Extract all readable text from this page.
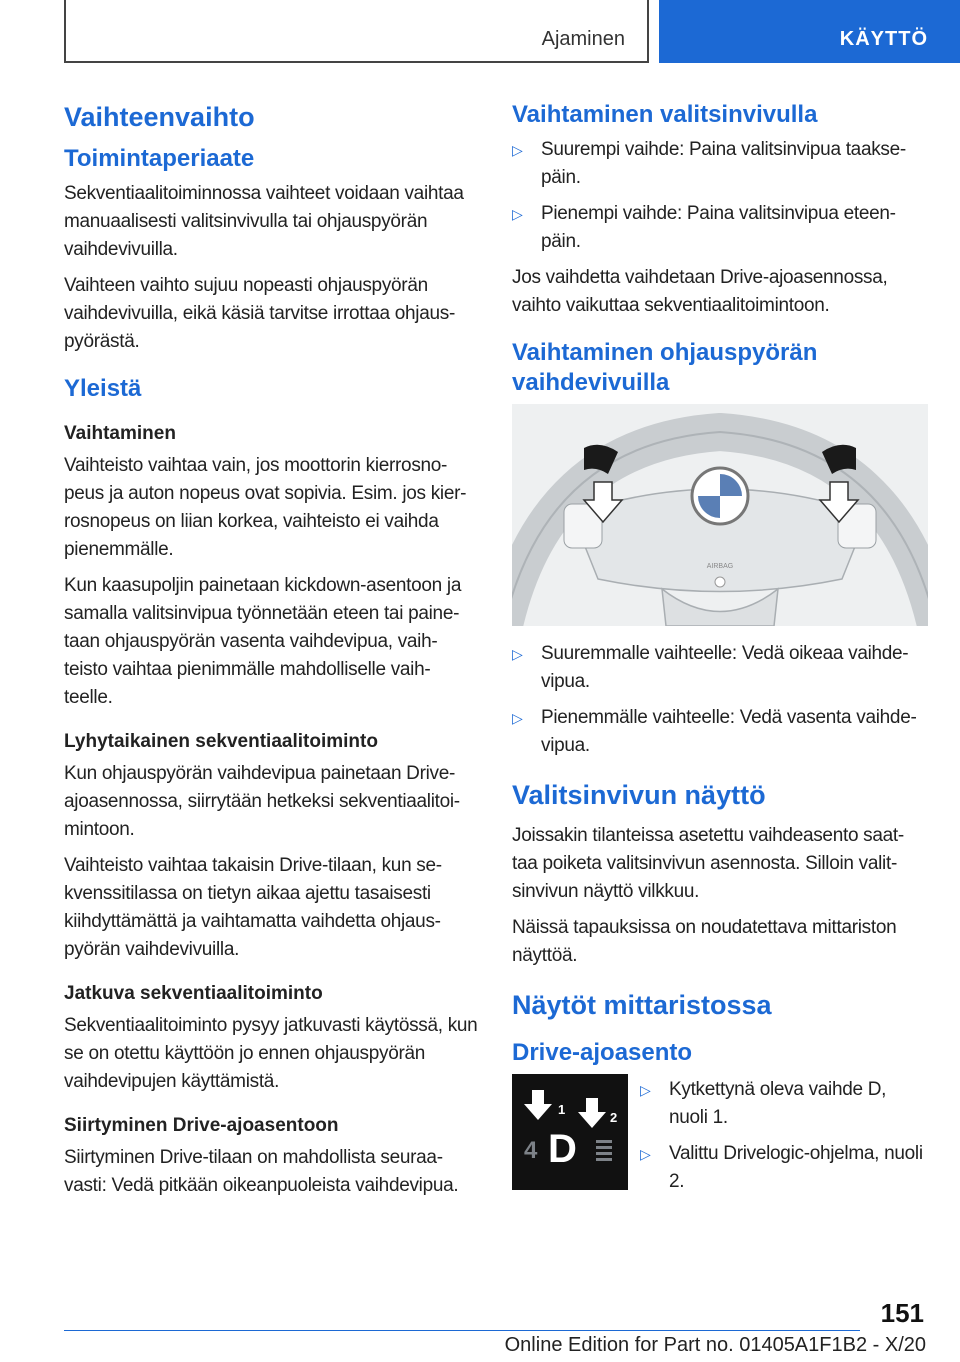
Ajaminen	KÄYTTÖ
Vaihteenvaihto
Toimintaperiaate

Sekventiaalitoiminnossa vaihteet voidaan vaihtaa manuaalisesti valitsinvivulla tai ohjauspyörän vaihdevivuilla.

Vaihteen vaihto sujuu nopeasti ohjauspyörän vaihdevivuilla, eikä käsiä tarvitse irrottaa ohjaus-pyörästä.

Yleistä
Vaihtaminen

Vaihteisto vaihtaa vain, jos moottorin kierrosno-peus ja auton nopeus ovat sopivia. Esim. jos kier-rosnopeus on liian korkea, vaihteisto ei vaihda pienemmälle.

Kun kaasupoljin painetaan kickdown-asentoon ja samalla valitsinvipua työnnetään eteen tai paine-taan ohjauspyörän vasenta vaihdevipua, vaih-teisto vaihtaa pienimmälle mahdolliselle vaih-teelle.

Lyhytaikainen sekventiaalitoiminto

Kun ohjauspyörän vaihdevipua painetaan Drive-ajoasennossa, siirrytään hetkeksi sekventiaalitoi-mintoon.

Vaihteisto vaihtaa takaisin Drive-tilaan, kun se-kvenssitilassa on tietyn aikaa ajettu tasaisesti kiihdyttämättä ja vaihtamatta vaihdetta ohjaus-pyörän vaihdevivuilla.

Jatkuva sekventiaalitoiminto

Sekventiaalitoiminto pysyy jatkuvasti käytössä, kun se on otettu käyttöön jo ennen ohjauspyörän vaihdevipujen käyttämistä.

Siirtyminen Drive-ajoasentoon

Siirtyminen Drive-tilaan on mahdollista seuraa-vasti: Vedä pitkään oikeanpuoleista vaihdevipua.

Vaihtaminen valitsinvivulla
▷ Suurempi vaihde: Paina valitsinvipua taakse-päin.
▷ Pienempi vaihde: Paina valitsinvipua eteen-päin.

Jos vaihdetta vaihdetaan Drive-ajoasennossa, vaihto vaikuttaa sekventiaalitoimintoon.

Vaihtaminen ohjauspyörän vaihdevivuilla
AIRBAG
▷ Suuremmalle vaihteelle: Vedä oikeaa vaihde-vipua.
▷ Pienemmälle vaihteelle: Vedä vasenta vaihde-vipua.
Valitsinvivun näyttö

Joissakin tilanteissa asetettu vaihdeasento saat-taa poiketa valitsinvivun asennosta. Silloin valit-sinvivun näyttö vilkkuu.

Näissä tapauksissa on noudatettava mittariston näyttöä.

Näytöt mittaristossa
Drive-ajoasento
1
2
4 D
▷ Kytkettynä oleva vaihde D, nuoli 1.
▷ Valittu Drivelogic-ohjelma, nuoli 2.
151
Online Edition for Part no. 01405A1F1B2 - X/20
